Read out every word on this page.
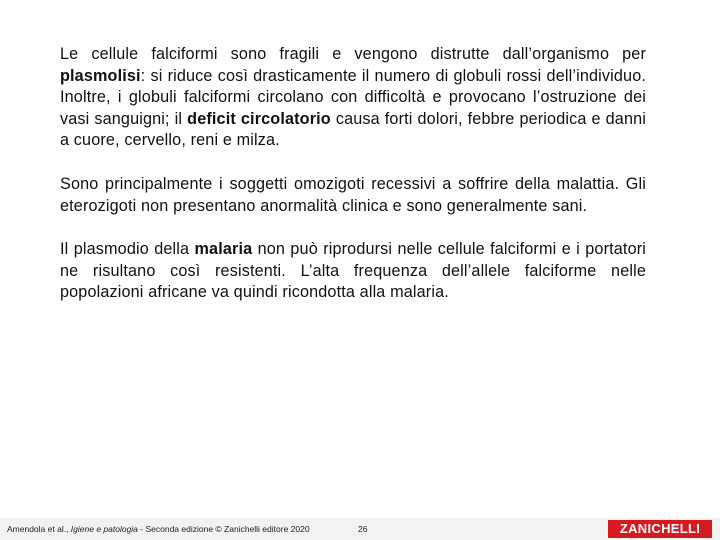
Le cellule falciformi sono fragili e vengono distrutte dall’organismo per plasmolisi: si riduce così drasticamente il numero di globuli rossi dell’individuo. Inoltre, i globuli falciformi circolano con difficoltà e provocano l’ostruzione dei vasi sanguigni; il deficit circolatorio causa forti dolori, febbre periodica e danni a cuore, cervello, reni e milza.

Sono principalmente i soggetti omozigoti recessivi a soffrire della malattia. Gli eterozigoti non presentano anormalità clinica e sono generalmente sani.

Il plasmodio della malaria non può riprodursi nelle cellule falciformi e i portatori ne risultano così resistenti. L’alta frequenza dell’allele falciforme nelle popolazioni africane va quindi ricondotta alla malaria.

Amendola et al., Igiene e patologia - Seconda edizione © Zanichelli editore 2020	26	ZANICHELLI
